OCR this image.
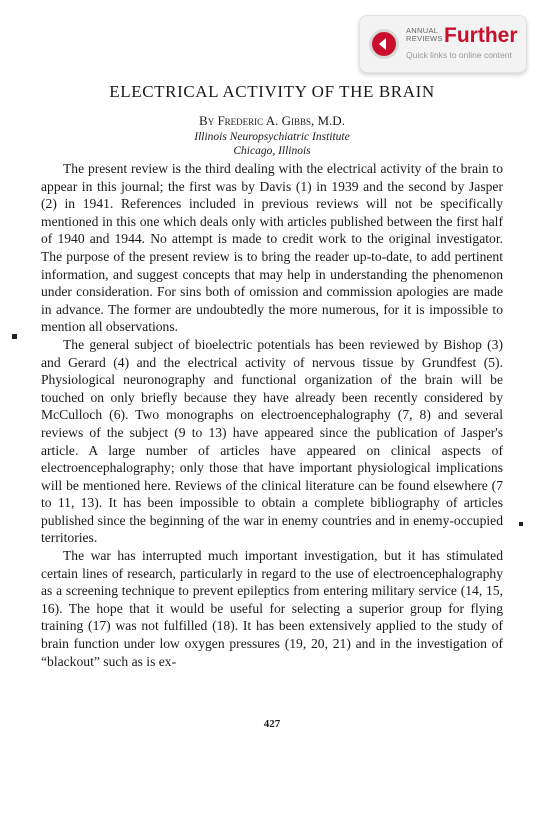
ANNUAL
REVIEWS Further
Quick links to online content
ELECTRICAL ACTIVITY OF THE BRAIN
By Frederic A. Gibbs, M.D.
Illinois Neuropsychiatric Institute
Chicago, Illinois

The present review is the third dealing with the electrical activity of the brain to appear in this journal; the first was by Davis (1) in 1939 and the second by Jasper (2) in 1941. References included in previous reviews will not be specifically mentioned in this one which deals only with articles published between the first half of 1940 and 1944. No attempt is made to credit work to the original investigator. The purpose of the present review is to bring the reader up-to-date, to add pertinent information, and suggest concepts that may help in understanding the phenomenon under consideration. For sins both of omission and commission apologies are made in advance. The former are undoubtedly the more numerous, for it is impossible to mention all observations.

The general subject of bioelectric potentials has been reviewed by Bishop (3) and Gerard (4) and the electrical activity of nervous tissue by Grundfest (5). Physiological neuronography and functional organization of the brain will be touched on only briefly because they have already been recently considered by McCulloch (6). Two monographs on electroencephalography (7, 8) and several reviews of the subject (9 to 13) have appeared since the publication of Jasper's article. A large number of articles have appeared on clinical aspects of electroencephalography; only those that have important physiological implications will be mentioned here. Reviews of the clinical literature can be found elsewhere (7 to 11, 13). It has been impossible to obtain a complete bibliography of articles published since the beginning of the war in enemy countries and in enemy-occupied territories.

The war has interrupted much important investigation, but it has stimulated certain lines of research, particularly in regard to the use of electroencephalography as a screening technique to prevent epileptics from entering military service (14, 15, 16). The hope that it would be useful for selecting a superior group for flying training (17) was not fulfilled (18). It has been extensively applied to the study of brain function under low oxygen pressures (19, 20, 21) and in the investigation of “blackout” such as is ex-

427
